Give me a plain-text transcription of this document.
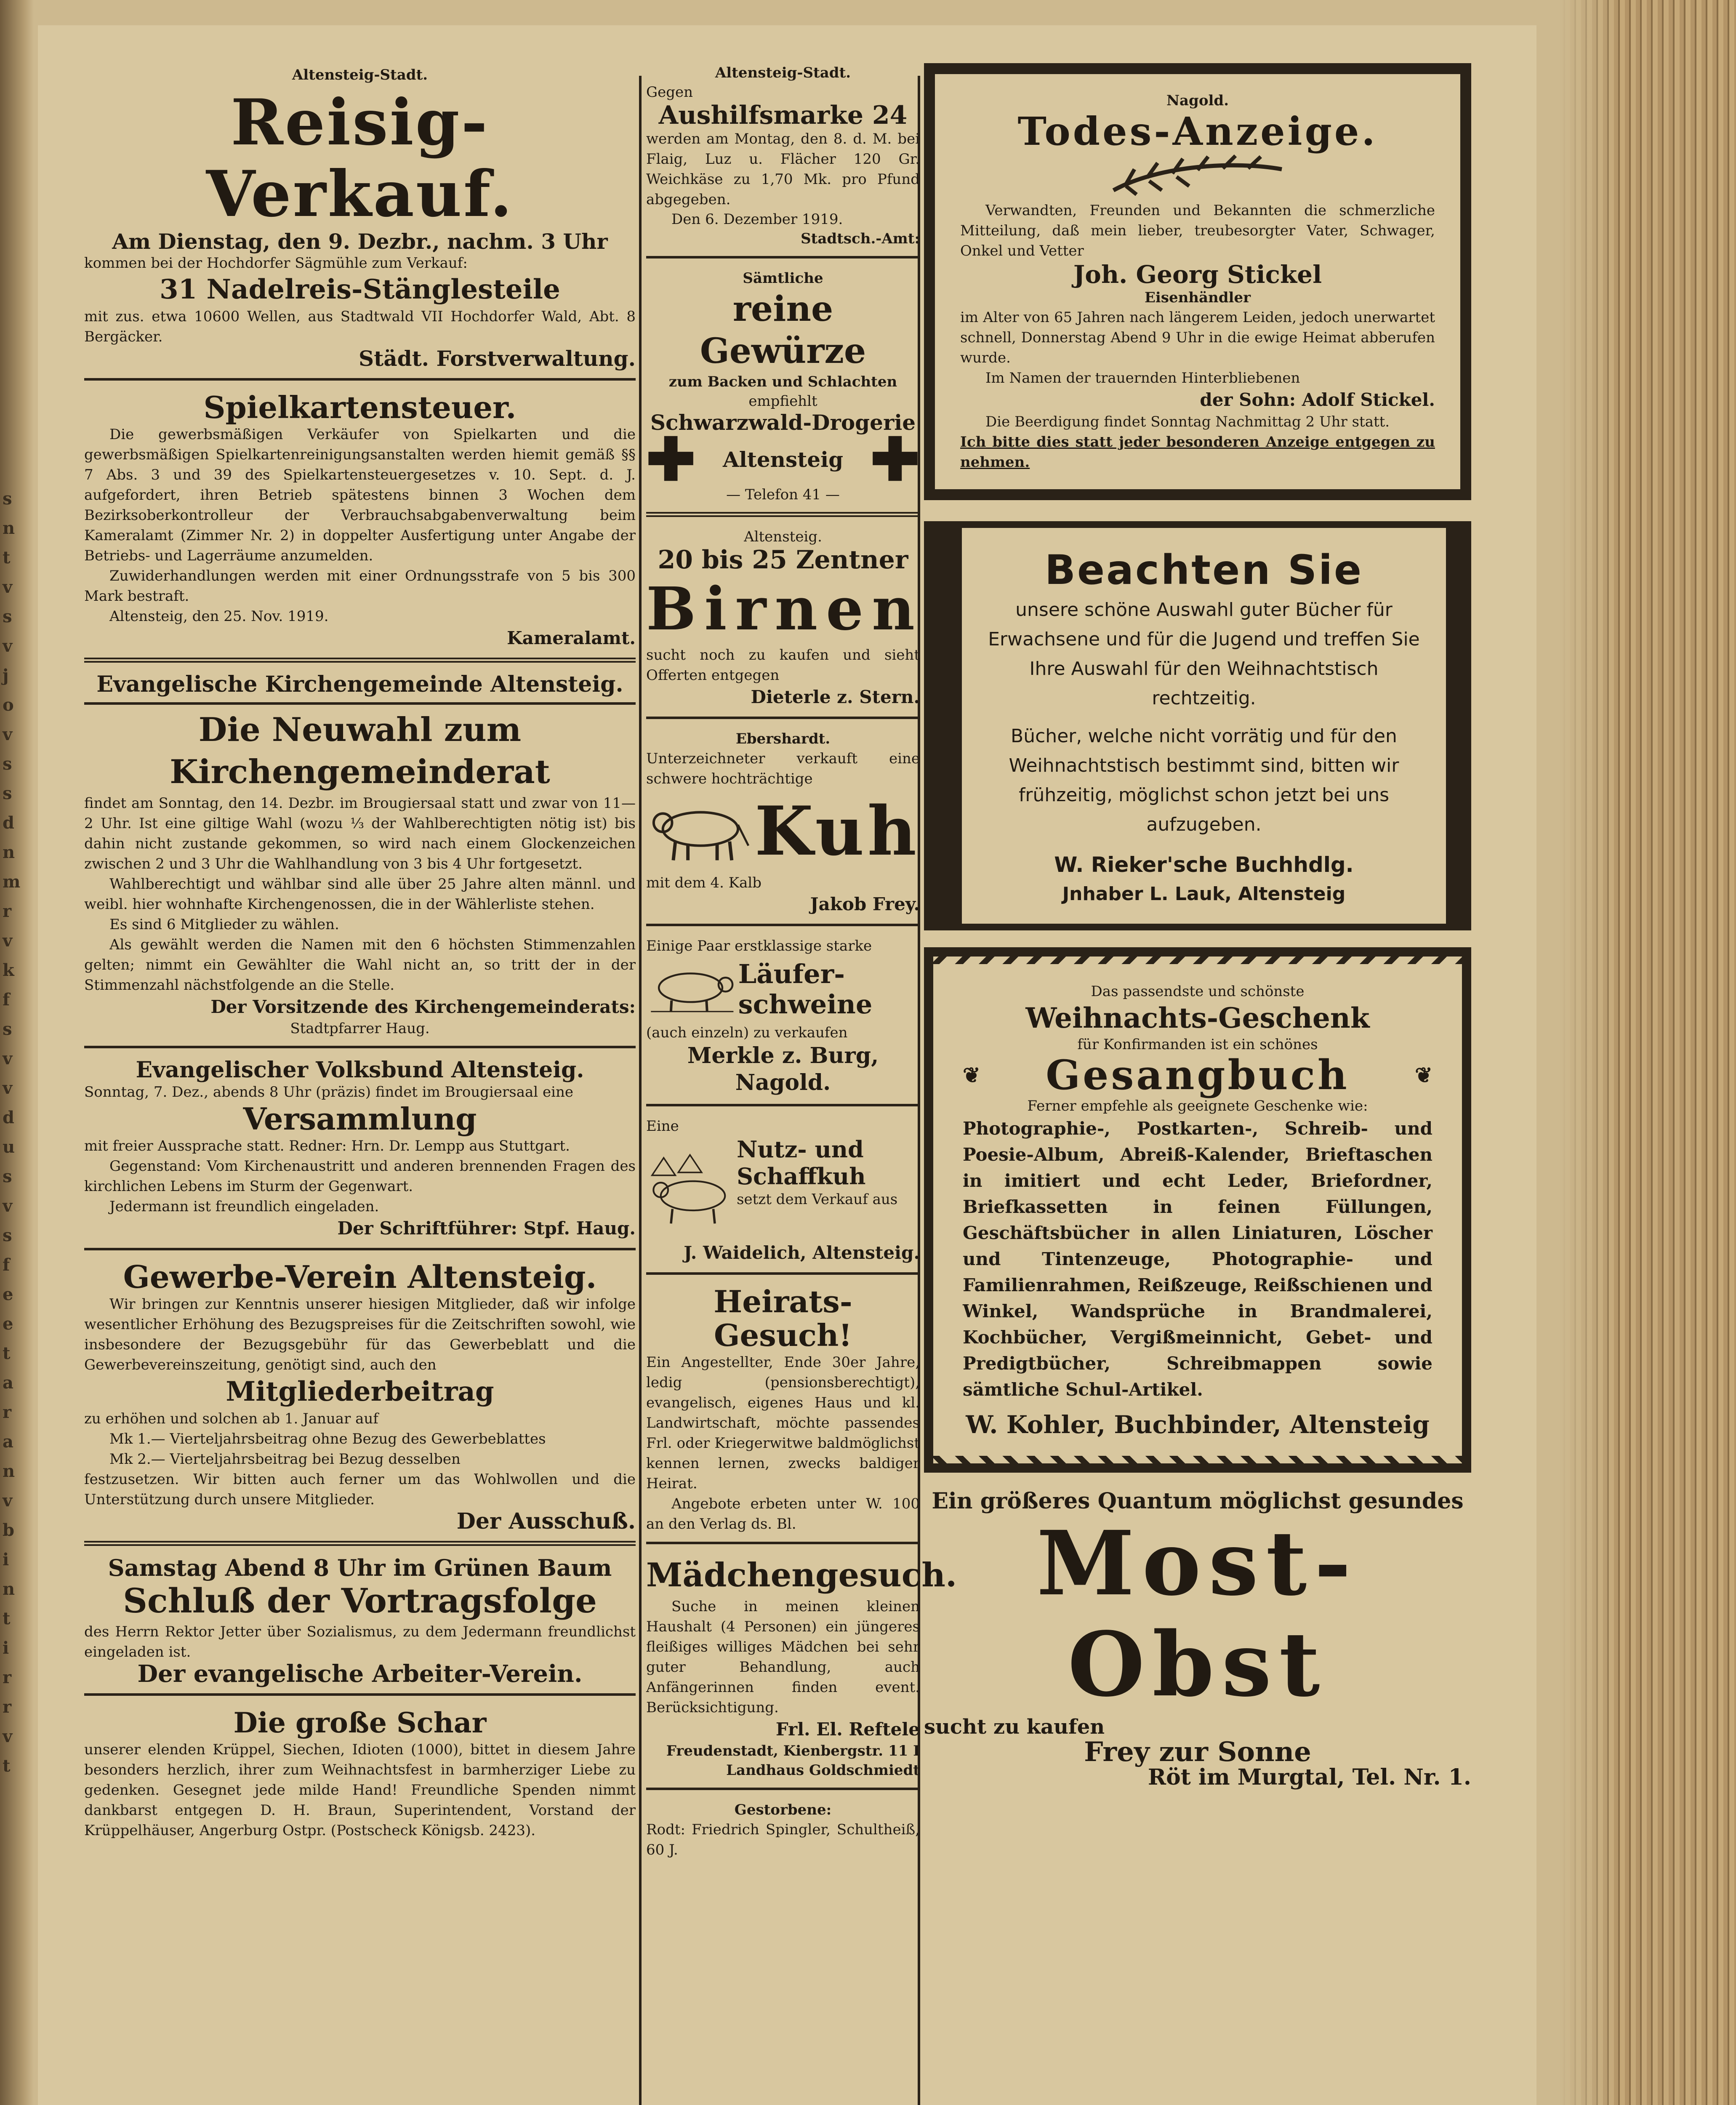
s
n
t
v
s
v
j
o
v
s
s
d
n
m
r
v
k
f
s
v
v
d
u
s
v
s
f
e
e
t
a
r
a
n
v
b
i
n
t
i
r
r
v
t
Altensteig-Stadt.
Reisig-Verkauf.
Am Dienstag, den 9. Dezbr., nachm. 3 Uhr
kommen bei der Hochdorfer Sägmühle zum Verkauf:
31 Nadelreis-Stänglesteile
mit zus. etwa 10600 Wellen, aus Stadtwald VII Hochdorfer Wald, Abt. 8 Bergäcker.
Städt. Forstverwaltung.
Spielkartensteuer.
Die gewerbsmäßigen Verkäufer von Spielkarten und die gewerbsmäßigen Spielkartenreinigungsanstalten werden hiemit gemäß §§ 7 Abs. 3 und 39 des Spielkartensteuergesetzes v. 10. Sept. d. J. aufgefordert, ihren Betrieb spätestens binnen 3 Wochen dem Bezirksoberkontrolleur der Verbrauchsabgabenverwaltung beim Kameralamt (Zimmer Nr. 2) in doppelter Ausfertigung unter Angabe der Betriebs- und Lagerräume anzumelden.
Zuwiderhandlungen werden mit einer Ordnungsstrafe von 5 bis 300 Mark bestraft.
Altensteig, den 25. Nov. 1919.
Kameralamt.
Evangelische Kirchengemeinde Altensteig.
Die Neuwahl zum Kirchengemeinderat
findet am Sonntag, den 14. Dezbr. im Brougiersaal statt und zwar von 11—2 Uhr. Ist eine giltige Wahl (wozu ⅓ der Wahlberechtigten nötig ist) bis dahin nicht zustande gekommen, so wird nach einem Glockenzeichen zwischen 2 und 3 Uhr die Wahlhandlung von 3 bis 4 Uhr fortgesetzt.
Wahlberechtigt und wählbar sind alle über 25 Jahre alten männl. und weibl. hier wohnhafte Kirchengenossen, die in der Wählerliste stehen.
Es sind 6 Mitglieder zu wählen.
Als gewählt werden die Namen mit den 6 höchsten Stimmenzahlen gelten; nimmt ein Gewählter die Wahl nicht an, so tritt der in der Stimmenzahl nächstfolgende an die Stelle.
Der Vorsitzende des Kirchengemeinderats:
Stadtpfarrer Haug.
Evangelischer Volksbund Altensteig.
Sonntag, 7. Dez., abends 8 Uhr (präzis) findet im Brougiersaal eine
Versammlung
mit freier Aussprache statt. Redner: Hrn. Dr. Lempp aus Stuttgart.
Gegenstand: Vom Kirchenaustritt und anderen brennenden Fragen des kirchlichen Lebens im Sturm der Gegenwart.
Jedermann ist freundlich eingeladen.
Der Schriftführer: Stpf. Haug.
Gewerbe-Verein Altensteig.
Wir bringen zur Kenntnis unserer hiesigen Mitglieder, daß wir infolge wesentlicher Erhöhung des Bezugspreises für die Zeitschriften sowohl, wie insbesondere der Bezugsgebühr für das Gewerbeblatt und die Gewerbevereinszeitung, genötigt sind, auch den
Mitgliederbeitrag
zu erhöhen und solchen ab 1. Januar auf
Mk 1.— Vierteljahrsbeitrag ohne Bezug des Gewerbeblattes
Mk 2.— Vierteljahrsbeitrag bei Bezug desselben
festzusetzen. Wir bitten auch ferner um das Wohlwollen und die Unterstützung durch unsere Mitglieder.
Der Ausschuß.
Samstag Abend 8 Uhr im Grünen Baum
Schluß der Vortragsfolge
des Herrn Rektor Jetter über Sozialismus, zu dem Jedermann freundlichst eingeladen ist.
Der evangelische Arbeiter-Verein.
Die große Schar
unserer elenden Krüppel, Siechen, Idioten (1000), bittet in diesem Jahre besonders herzlich, ihrer zum Weihnachtsfest in barmherziger Liebe zu gedenken. Gesegnet jede milde Hand! Freundliche Spenden nimmt dankbarst entgegen D. H. Braun, Superintendent, Vorstand der Krüppelhäuser, Angerburg Ostpr. (Postscheck Königsb. 2423).
Altensteig-Stadt.
Gegen
Aushilfsmarke 24
werden am Montag, den 8. d. M. bei Flaig, Luz u. Flächer 120 Gr. Weichkäse zu 1,70 Mk. pro Pfund abgegeben.
Den 6. Dezember 1919.
Stadtsch.-Amt:
Sämtliche
reine Gewürze
zum Backen und Schlachten
empfiehlt
Schwarzwald-Drogerie
✚ Altensteig ✚
— Telefon 41 —
Altensteig.
20 bis 25 Zentner
Birnen
sucht noch zu kaufen und sieht Offerten entgegen
Dieterle z. Stern.
Ebershardt.
Unterzeichneter verkauft eine schwere hochträchtige
Kuh
mit dem 4. Kalb
Jakob Frey.
Einige Paar erstklassige starke
Läufer-schweine
(auch einzeln) zu verkaufen
Merkle z. Burg, Nagold.
Eine
Nutz- und Schaffkuh
setzt dem Verkauf aus
J. Waidelich, Altensteig.
Heirats-Gesuch!
Ein Angestellter, Ende 30er Jahre, ledig (pensionsberechtigt), evangelisch, eigenes Haus und kl. Landwirtschaft, möchte passendes Frl. oder Kriegerwitwe baldmöglichst kennen lernen, zwecks baldiger Heirat.
Angebote erbeten unter W. 100 an den Verlag ds. Bl.
Mädchengesuch.
Suche in meinen kleinen Haushalt (4 Personen) ein jüngeres fleißiges williges Mädchen bei sehr guter Behandlung, auch Anfängerinnen finden event. Berücksichtigung.
Frl. El. Reftele
Freudenstadt, Kienbergstr. 11 I
Landhaus Goldschmiedt
Gestorbene:
Rodt: Friedrich Spingler, Schultheiß, 60 J.
Nagold.
Todes-Anzeige.
Verwandten, Freunden und Bekannten die schmerzliche Mitteilung, daß mein lieber, treubesorgter Vater, Schwager, Onkel und Vetter
Joh. Georg Stickel
Eisenhändler
im Alter von 65 Jahren nach längerem Leiden, jedoch unerwartet schnell, Donnerstag Abend 9 Uhr in die ewige Heimat abberufen wurde.
Im Namen der trauernden Hinterbliebenen
der Sohn: Adolf Stickel.
Die Beerdigung findet Sonntag Nachmittag 2 Uhr statt.
Ich bitte dies statt jeder besonderen Anzeige entgegen zu nehmen.
Beachten Sie
unsere schöne Auswahl guter Bücher für Erwachsene und für die Jugend und treffen Sie Ihre Auswahl für den Weihnachtstisch rechtzeitig.
Bücher, welche nicht vorrätig und für den Weihnachtstisch bestimmt sind, bitten wir frühzeitig, möglichst schon jetzt bei uns aufzugeben.
W. Rieker'sche Buchhdlg.
Jnhaber L. Lauk, Altensteig
Das passendste und schönste
Weihnachts-Geschenk
für Konfirmanden ist ein schönes
❦ Gesangbuch	❦
Ferner empfehle als geeignete Geschenke wie:
Photographie-, Postkarten-, Schreib- und Poesie-Album, Abreiß-Kalender, Brieftaschen in imitiert und echt Leder, Briefordner, Briefkassetten in feinen Füllungen, Geschäftsbücher in allen Liniaturen, Löscher und Tintenzeuge, Photographie- und Familienrahmen, Reißzeuge, Reißschienen und Winkel, Wandsprüche in Brandmalerei, Kochbücher, Vergißmeinnicht, Gebet- und Predigtbücher, Schreibmappen sowie sämtliche Schul-Artikel.
W. Kohler, Buchbinder, Altensteig
Ein größeres Quantum möglichst gesundes
Most-Obst
sucht zu kaufen
Frey zur Sonne
Röt im Murgtal, Tel. Nr. 1.
